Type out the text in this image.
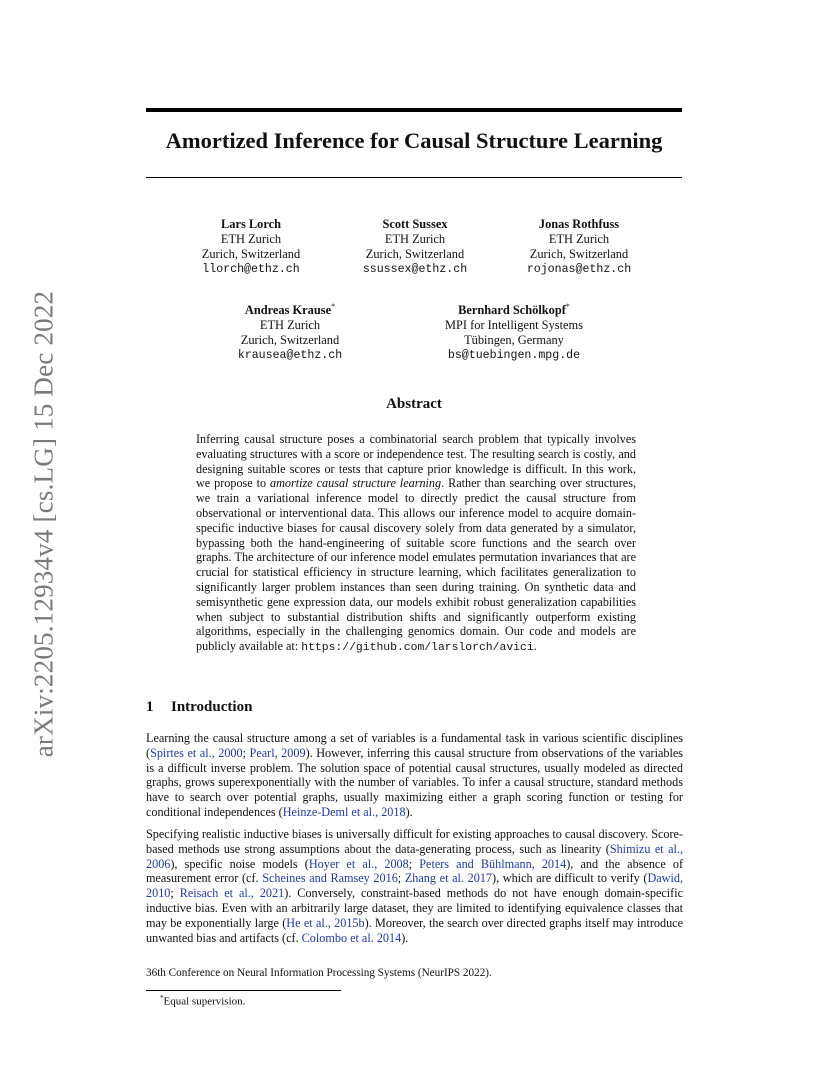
arXiv:2205.12934v4 [cs.LG] 15 Dec 2022
Amortized Inference for Causal Structure Learning
Lars Lorch
ETH Zurich
Zurich, Switzerland
llorch@ethz.ch
Scott Sussex
ETH Zurich
Zurich, Switzerland
ssussex@ethz.ch
Jonas Rothfuss
ETH Zurich
Zurich, Switzerland
rojonas@ethz.ch
Andreas Krause*
ETH Zurich
Zurich, Switzerland
krausea@ethz.ch
Bernhard Schölkopf*
MPI for Intelligent Systems
Tübingen, Germany
bs@tuebingen.mpg.de
Abstract
Inferring causal structure poses a combinatorial search problem that typically involves evaluating structures with a score or independence test. The resulting search is costly, and designing suitable scores or tests that capture prior knowledge is difficult. In this work, we propose to amortize causal structure learning. Rather than searching over structures, we train a variational inference model to directly predict the causal structure from observational or interventional data. This allows our inference model to acquire domain-specific inductive biases for causal discovery solely from data generated by a simulator, bypassing both the hand-engineering of suitable score functions and the search over graphs. The architecture of our inference model emulates permutation invariances that are crucial for statistical efficiency in structure learning, which facilitates generalization to significantly larger problem instances than seen during training. On synthetic data and semisynthetic gene expression data, our models exhibit robust generalization capabilities when subject to substantial distribution shifts and significantly outperform existing algorithms, especially in the challenging genomics domain. Our code and models are publicly available at: https://github.com/larslorch/avici.
1 Introduction
Learning the causal structure among a set of variables is a fundamental task in various scientific disciplines (Spirtes et al., 2000; Pearl, 2009). However, inferring this causal structure from observations of the variables is a difficult inverse problem. The solution space of potential causal structures, usually modeled as directed graphs, grows superexponentially with the number of variables. To infer a causal structure, standard methods have to search over potential graphs, usually maximizing either a graph scoring function or testing for conditional independences (Heinze-Deml et al., 2018).
Specifying realistic inductive biases is universally difficult for existing approaches to causal discovery. Score-based methods use strong assumptions about the data-generating process, such as linearity (Shimizu et al., 2006), specific noise models (Hoyer et al., 2008; Peters and Bühlmann, 2014), and the absence of measurement error (cf. Scheines and Ramsey 2016; Zhang et al. 2017), which are difficult to verify (Dawid, 2010; Reisach et al., 2021). Conversely, constraint-based methods do not have enough domain-specific inductive bias. Even with an arbitrarily large dataset, they are limited to identifying equivalence classes that may be exponentially large (He et al., 2015b). Moreover, the search over directed graphs itself may introduce unwanted bias and artifacts (cf. Colombo et al. 2014).
36th Conference on Neural Information Processing Systems (NeurIPS 2022).
*Equal supervision.
